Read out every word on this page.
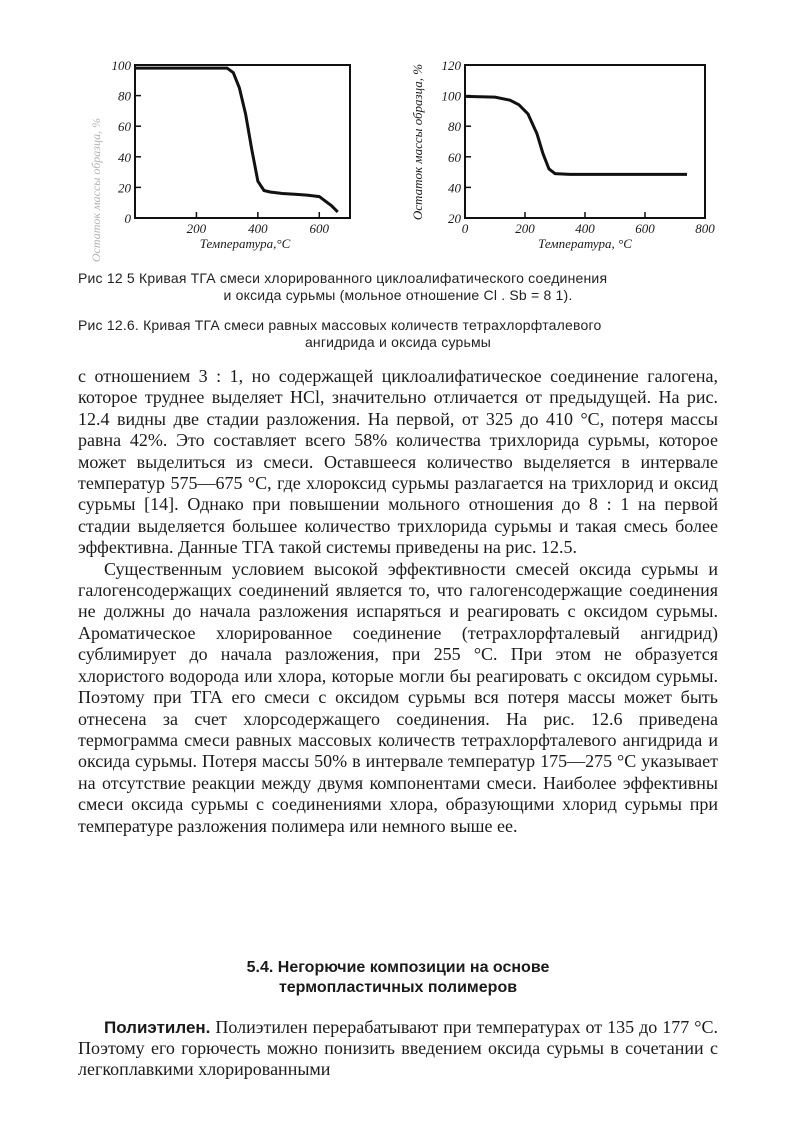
200	400	600
0
20
40
60
80
100
Температура,°С
Остаток массы образца, %	0	200	400	600	800
20
40
60
80
100
120
Температура, °С
Остаток массы образца, %
Рис 12 5 Кривая ТГА смеси хлорированного циклоалифатического соединения
и оксида сурьмы (мольное отношение Cl . Sb = 8 1).
Рис 12.6. Кривая ТГА смеси равных массовых количеств тетрахлорфталевого
ангидрида и оксида сурьмы

с отношением 3 : 1, но содержащей циклоалифатическое соединение галогена, которое труднее выделяет HCl, значительно отличается от предыдущей. На рис. 12.4 видны две стадии разложения. На первой, от 325 до 410 °С, потеря массы равна 42%. Это составляет всего 58% количества трихлорида сурьмы, которое может выделиться из смеси. Оставшееся количество выделяется в интервале температур 575—675 °С, где хлороксид сурьмы разлагается на трихлорид и оксид сурьмы [14]. Однако при повышении мольного отношения до 8 : 1 на первой стадии выделяется большее количество трихлорида сурьмы и такая смесь более эффективна. Данные ТГА такой системы приведены на рис. 12.5.

Существенным условием высокой эффективности смесей оксида сурьмы и галогенсодержащих соединений является то, что галогенсодержащие соединения не должны до начала разложения испаряться и реагировать с оксидом сурьмы. Ароматическое хлорированное соединение (тетрахлорфталевый ангидрид) сублимирует до начала разложения, при 255 °С. При этом не образуется хлористого водорода или хлора, которые могли бы реагировать с оксидом сурьмы. Поэтому при ТГА его смеси с оксидом сурьмы вся потеря массы может быть отнесена за счет хлорсодержащего соединения. На рис. 12.6 приведена термограмма смеси равных массовых количеств тетрахлорфталевого ангидрида и оксида сурьмы. Потеря массы 50% в интервале температур 175—275 °С указывает на отсутствие реакции между двумя компонентами смеси. Наиболее эффективны смеси оксида сурьмы с соединениями хлора, образующими хлорид сурьмы при температуре разложения полимера или немного выше ее.

5.4. Негорючие композиции на основе
термопластичных полимеров

Полиэтилен. Полиэтилен перерабатывают при температурах от 135 до 177 °С. Поэтому его горючесть можно понизить введением оксида сурьмы в сочетании с легкоплавкими хлорированными
